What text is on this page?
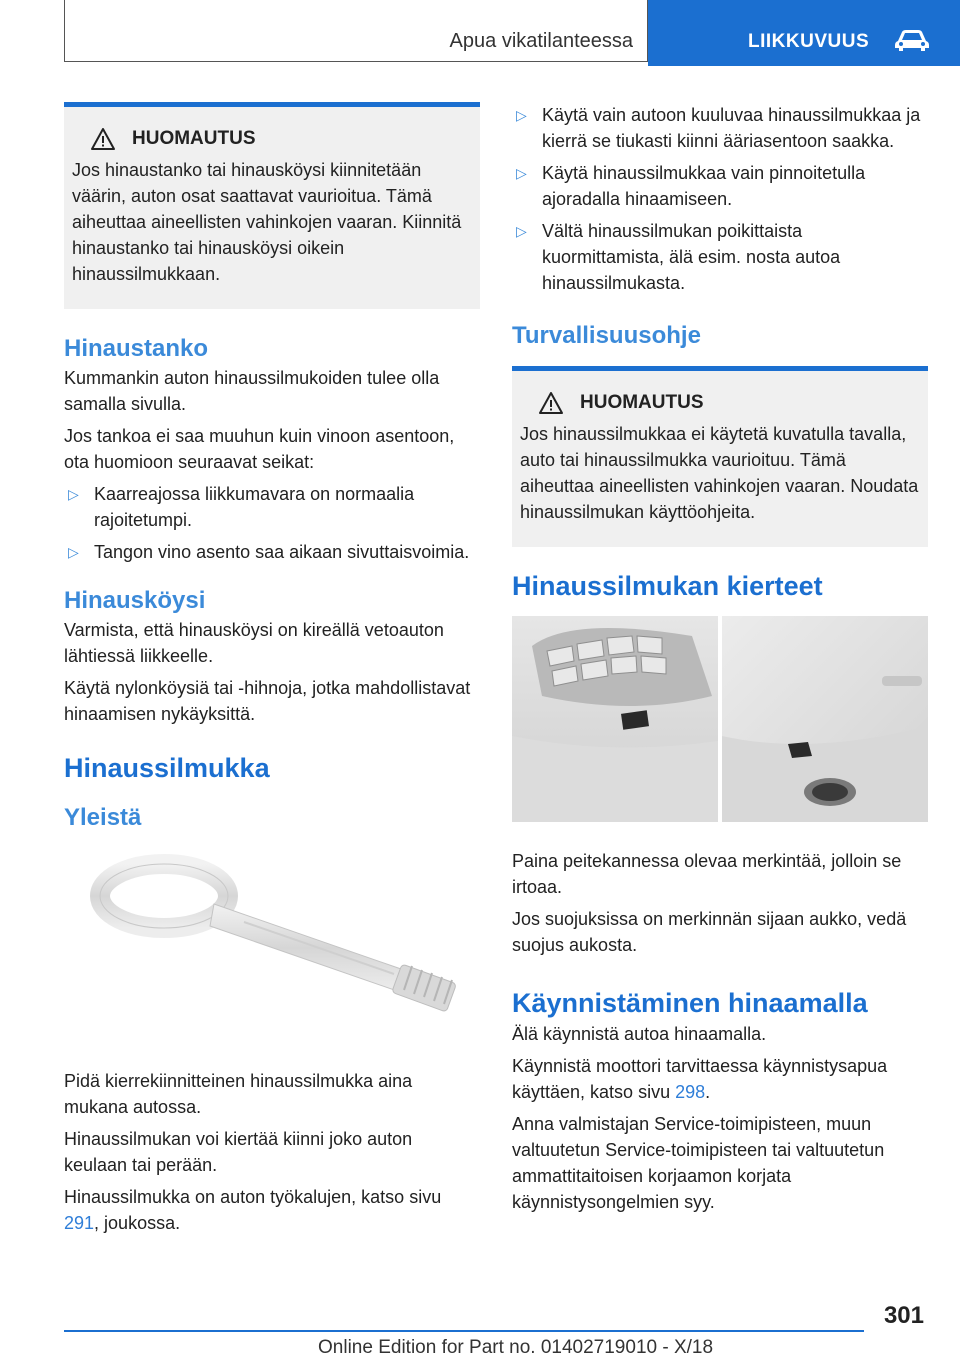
Apua vikatilanteessa	LIIKKUVUUS
HUOMAUTUS

Jos hinaustanko tai hinausköysi kiinnitetään väärin, auton osat saattavat vaurioitua. Tämä aiheuttaa aineellisten vahinkojen vaaran. Kiinnitä hinaustanko tai hinausköysi oikein hinaussilmukkaan.

Hinaustanko

Kummankin auton hinaussilmukoiden tulee olla samalla sivulla.

Jos tankoa ei saa muuhun kuin vinoon asentoon, ota huomioon seuraavat seikat:

▷ Kaarreajossa liikkumavara on normaalia rajoitetumpi.
▷ Tangon vino asento saa aikaan sivuttaisvoimia.
Hinausköysi

Varmista, että hinausköysi on kireällä vetoauton lähtiessä liikkeelle.

Käytä nylonköysiä tai -hihnoja, jotka mahdollistavat hinaamisen nykäyksittä.

Hinaussilmukka
Yleistä

Pidä kierrekiinnitteinen hinaussilmukka aina mukana autossa.

Hinaussilmukan voi kiertää kiinni joko auton keulaan tai perään.

Hinaussilmukka on auton työkalujen, katso sivu 291, joukossa.

▷ Käytä vain autoon kuuluvaa hinaussilmukkaa ja kierrä se tiukasti kiinni ääriasentoon saakka.
▷ Käytä hinaussilmukkaa vain pinnoitetulla ajoradalla hinaamiseen.
▷ Vältä hinaussilmukan poikittaista kuormittamista, älä esim. nosta autoa hinaussilmukasta.
Turvallisuusohje
HUOMAUTUS

Jos hinaussilmukkaa ei käytetä kuvatulla tavalla, auto tai hinaussilmukka vaurioituu. Tämä aiheuttaa aineellisten vahinkojen vaaran. Noudata hinaussilmukan käyttöohjeita.

Hinaussilmukan kierteet

Paina peitekannessa olevaa merkintää, jolloin se irtoaa.

Jos suojuksissa on merkinnän sijaan aukko, vedä suojus aukosta.

Käynnistäminen hinaamalla

Älä käynnistä autoa hinaamalla.

Käynnistä moottori tarvittaessa käynnistysapua käyttäen, katso sivu 298.

Anna valmistajan Service-toimipisteen, muun valtuutetun Service-toimipisteen tai valtuutetun ammattitaitoisen korjaamon korjata käynnistysongelmien syy.

301
Online Edition for Part no. 01402719010 - X/18
